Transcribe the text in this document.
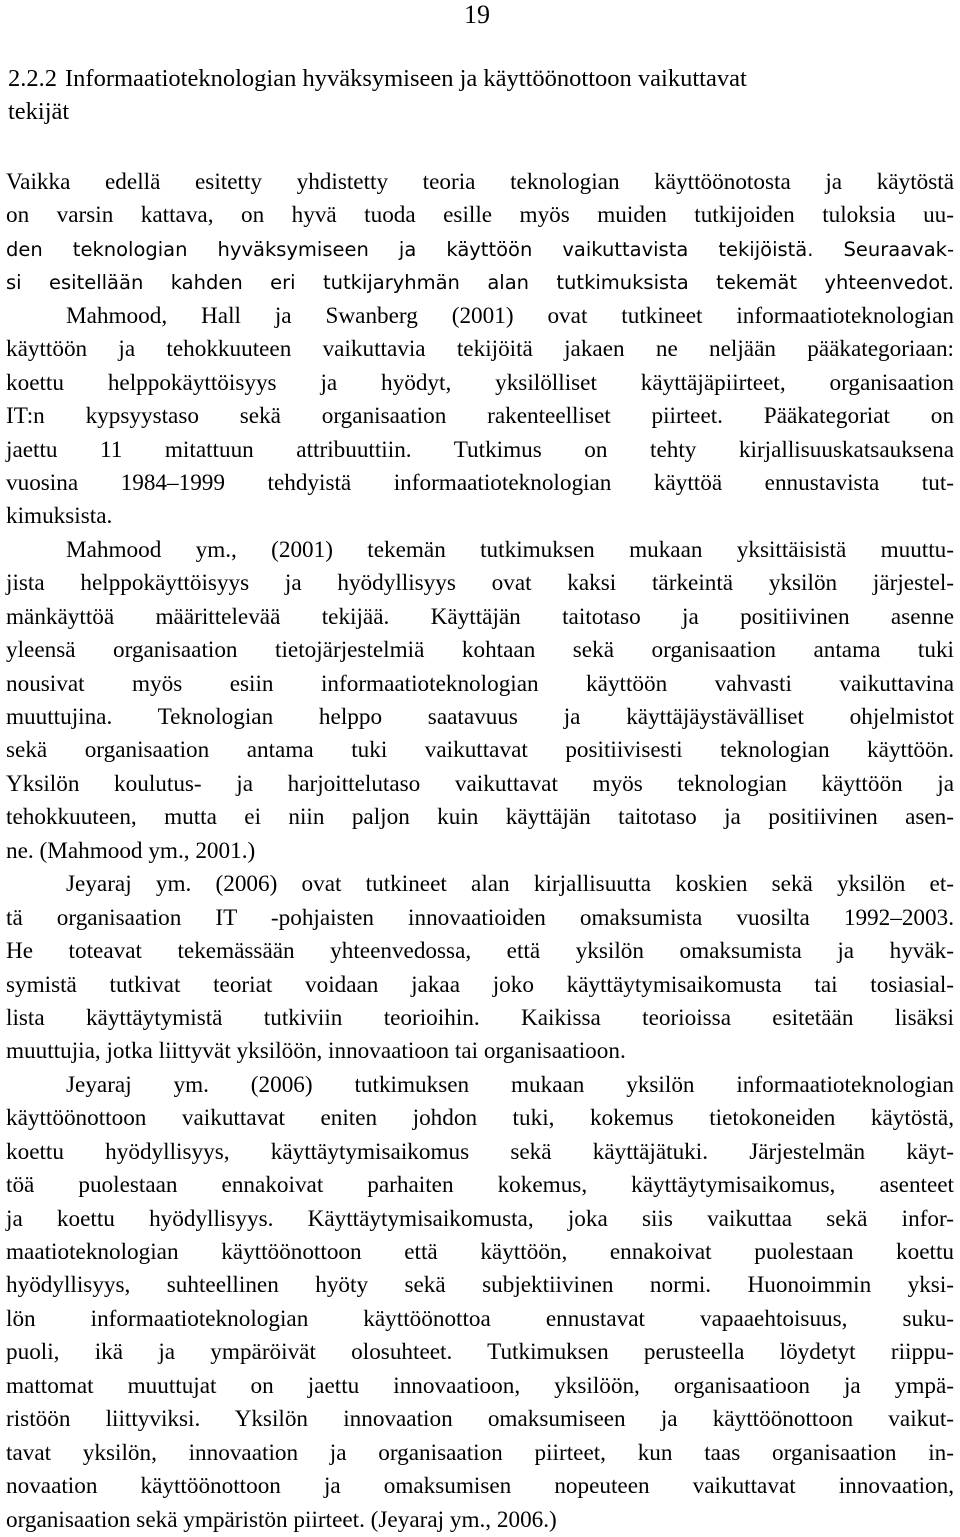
19
2.2.2 Informaatioteknologian hyväksymiseen ja käyttöönottoon vaikuttavat
tekijät
Vaikka edellä esitetty yhdistetty teoria teknologian käyttöönotosta ja käytöstä
on varsin kattava, on hyvä tuoda esille myös muiden tutkijoiden tuloksia uu-
den teknologian hyväksymiseen ja käyttöön vaikuttavista tekijöistä. Seuraavak-
si esitellään kahden eri tutkijaryhmän alan tutkimuksista tekemät yhteenvedot.
Mahmood, Hall ja Swanberg (2001) ovat tutkineet informaatioteknologian
käyttöön ja tehokkuuteen vaikuttavia tekijöitä jakaen ne neljään pääkategoriaan:
koettu helppokäyttöisyys ja hyödyt, yksilölliset käyttäjäpiirteet, organisaation
IT:n kypsyystaso sekä organisaation rakenteelliset piirteet. Pääkategoriat on
jaettu 11 mitattuun attribuuttiin. Tutkimus on tehty kirjallisuuskatsauksena
vuosina 1984–1999 tehdyistä informaatioteknologian käyttöä ennustavista tut-
kimuksista.
Mahmood ym., (2001) tekemän tutkimuksen mukaan yksittäisistä muuttu-
jista helppokäyttöisyys ja hyödyllisyys ovat kaksi tärkeintä yksilön järjestel-
mänkäyttöä määrittelevää tekijää. Käyttäjän taitotaso ja positiivinen asenne
yleensä organisaation tietojärjestelmiä kohtaan sekä organisaation antama tuki
nousivat myös esiin informaatioteknologian käyttöön vahvasti vaikuttavina
muuttujina. Teknologian helppo saatavuus ja käyttäjäystävälliset ohjelmistot
sekä organisaation antama tuki vaikuttavat positiivisesti teknologian käyttöön.
Yksilön koulutus- ja harjoittelutaso vaikuttavat myös teknologian käyttöön ja
tehokkuuteen, mutta ei niin paljon kuin käyttäjän taitotaso ja positiivinen asen-
ne. (Mahmood ym., 2001.)
Jeyaraj ym. (2006) ovat tutkineet alan kirjallisuutta koskien sekä yksilön et-
tä organisaation IT -pohjaisten innovaatioiden omaksumista vuosilta 1992–2003.
He toteavat tekemässään yhteenvedossa, että yksilön omaksumista ja hyväk-
symistä tutkivat teoriat voidaan jakaa joko käyttäytymisaikomusta tai tosiasial-
lista käyttäytymistä tutkiviin teorioihin. Kaikissa teorioissa esitetään lisäksi
muuttujia, jotka liittyvät yksilöön, innovaatioon tai organisaatioon.
Jeyaraj ym. (2006) tutkimuksen mukaan yksilön informaatioteknologian
käyttöönottoon vaikuttavat eniten johdon tuki, kokemus tietokoneiden käytöstä,
koettu hyödyllisyys, käyttäytymisaikomus sekä käyttäjätuki. Järjestelmän käyt-
töä puolestaan ennakoivat parhaiten kokemus, käyttäytymisaikomus, asenteet
ja koettu hyödyllisyys. Käyttäytymisaikomusta, joka siis vaikuttaa sekä infor-
maatioteknologian käyttöönottoon että käyttöön, ennakoivat puolestaan koettu
hyödyllisyys, suhteellinen hyöty sekä subjektiivinen normi. Huonoimmin yksi-
lön informaatioteknologian käyttöönottoa ennustavat vapaaehtoisuus, suku-
puoli, ikä ja ympäröivät olosuhteet. Tutkimuksen perusteella löydetyt riippu-
mattomat muuttujat on jaettu innovaatioon, yksilöön, organisaatioon ja ympä-
ristöön liittyviksi. Yksilön innovaation omaksumiseen ja käyttöönottoon vaikut-
tavat yksilön, innovaation ja organisaation piirteet, kun taas organisaation in-
novaation käyttöönottoon ja omaksumisen nopeuteen vaikuttavat innovaation,
organisaation sekä ympäristön piirteet. (Jeyaraj ym., 2006.)
